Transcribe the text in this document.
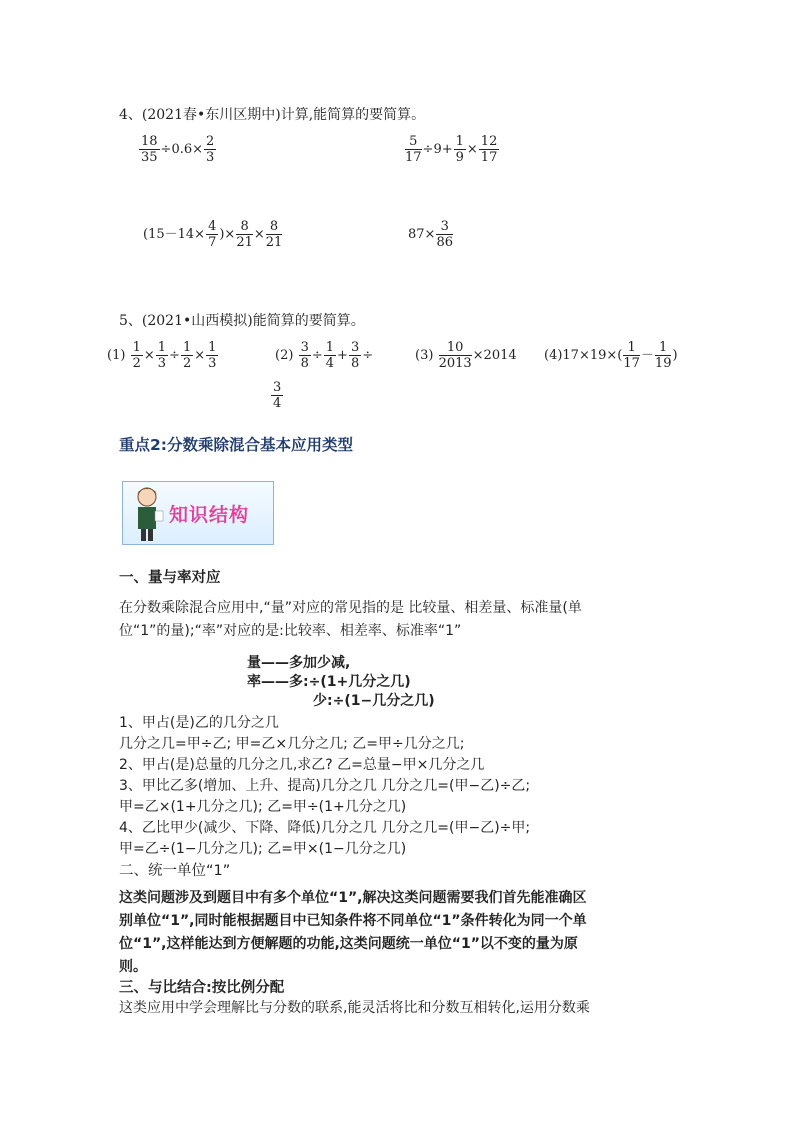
4、(2021春•东川区期中)计算,能简算的要简算。
$\frac{18}{35} \div 0.6\times \frac{2}{3}$	$\frac{5}{17} \div 9+ \frac{1}{9} \times \frac{12}{17}$
($15-14\times \frac{4}{7}$ )× $\frac{8}{21} \times \frac{8}{21}$	$87\times \frac{3}{86}$
5、(2021•山西模拟)能简算的要简算。
$(1) \frac{1}{2} \times \frac{1}{3} \div \frac{1}{2} \times \frac{1}{3}$	$(2) \frac{3}{8} \div \frac{1}{4} + \frac{3}{8}$ ÷
$\frac{3}{4}$
$(3) \frac{10}{2013} \times 2014$ $(4)17\times 19\times( \frac{1}{17} - \frac{1}{19}$ )
重点2:分数乘除混合基本应用类型
知识结构
一、量与率对应
在分数乘除混合应用中,“量”对应的常见指的是 比较量、相差量、标准量(单
位“1”的量);“率”对应的是:比较率、相差率、标准率“1”
量——多加少减,
率——多:÷(1+几分之几)
少:÷(1−几分之几)
1、甲占(是)乙的几分之几
几分之几=甲÷乙; 甲=乙×几分之几; 乙=甲÷几分之几;
2、甲占(是)总量的几分之几,求乙? 乙=总量−甲×几分之几
3、甲比乙多(增加、上升、提高)几分之几 几分之几=(甲−乙)÷乙;
甲=乙×(1+几分之几); 乙=甲÷(1+几分之几)
4、乙比甲少(减少、下降、降低)几分之几 几分之几=(甲−乙)÷甲;
甲=乙÷(1−几分之几); 乙=甲×(1−几分之几)
二、统一单位“1”
这类问题涉及到题目中有多个单位“1”,解决这类问题需要我们首先能准确区
别单位“1”,同时能根据题目中已知条件将不同单位“1”条件转化为同一个单
位“1”,这样能达到方便解题的功能,这类问题统一单位“1”以不变的量为原
则。
三、与比结合:按比例分配
这类应用中学会理解比与分数的联系,能灵活将比和分数互相转化,运用分数乘
